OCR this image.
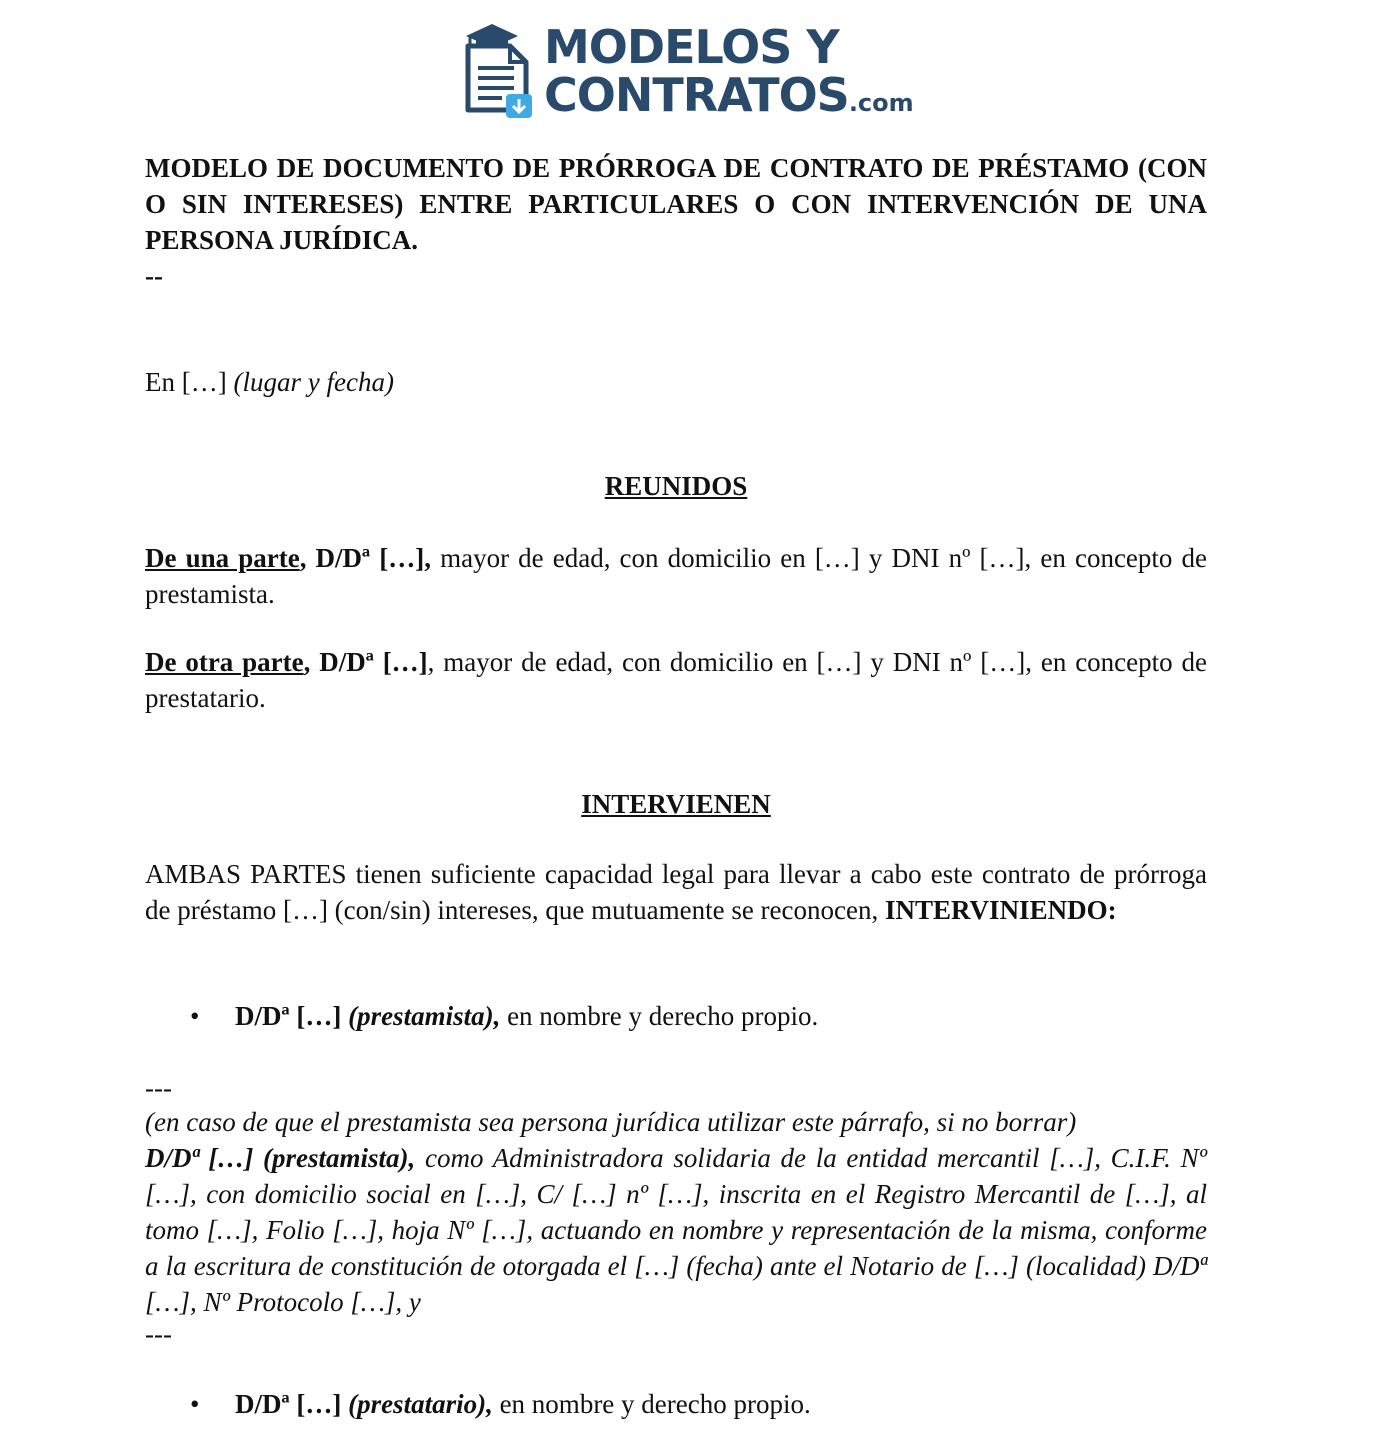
MODELOS Y
CONTRATOS.com

MODELO DE DOCUMENTO DE PRÓRROGA DE CONTRATO DE PRÉSTAMO (CON O SIN INTERESES) ENTRE PARTICULARES O CON INTERVENCIÓN DE UNA PERSONA JURÍDICA.

--

En […] (lugar y fecha)
REUNIDOS
De una parte, D/Dª […], mayor de edad, con domicilio en […] y DNI nº […], en concepto de prestamista.
De otra parte, D/Dª […], mayor de edad, con domicilio en […] y DNI nº […], en concepto de prestatario.
INTERVIENEN
AMBAS PARTES tienen suficiente capacidad legal para llevar a cabo este contrato de prórroga de préstamo […] (con/sin) intereses, que mutuamente se reconocen, INTERVINIENDO:
• D/Dª […] (prestamista), en nombre y derecho propio.
---
(en caso de que el prestamista sea persona jurídica utilizar este párrafo, si no borrar)
D/Dª […] (prestamista), como Administradora solidaria de la entidad mercantil […], C.I.F. Nº […], con domicilio social en […], C/ […] nº […], inscrita en el Registro Mercantil de […], al tomo […], Folio […], hoja Nº […], actuando en nombre y representación de la misma, conforme a la escritura de constitución de otorgada el […] (fecha) ante el Notario de […] (localidad) D/Dª […], Nº Protocolo […], y
---
• D/Dª […] (prestatario), en nombre y derecho propio.
